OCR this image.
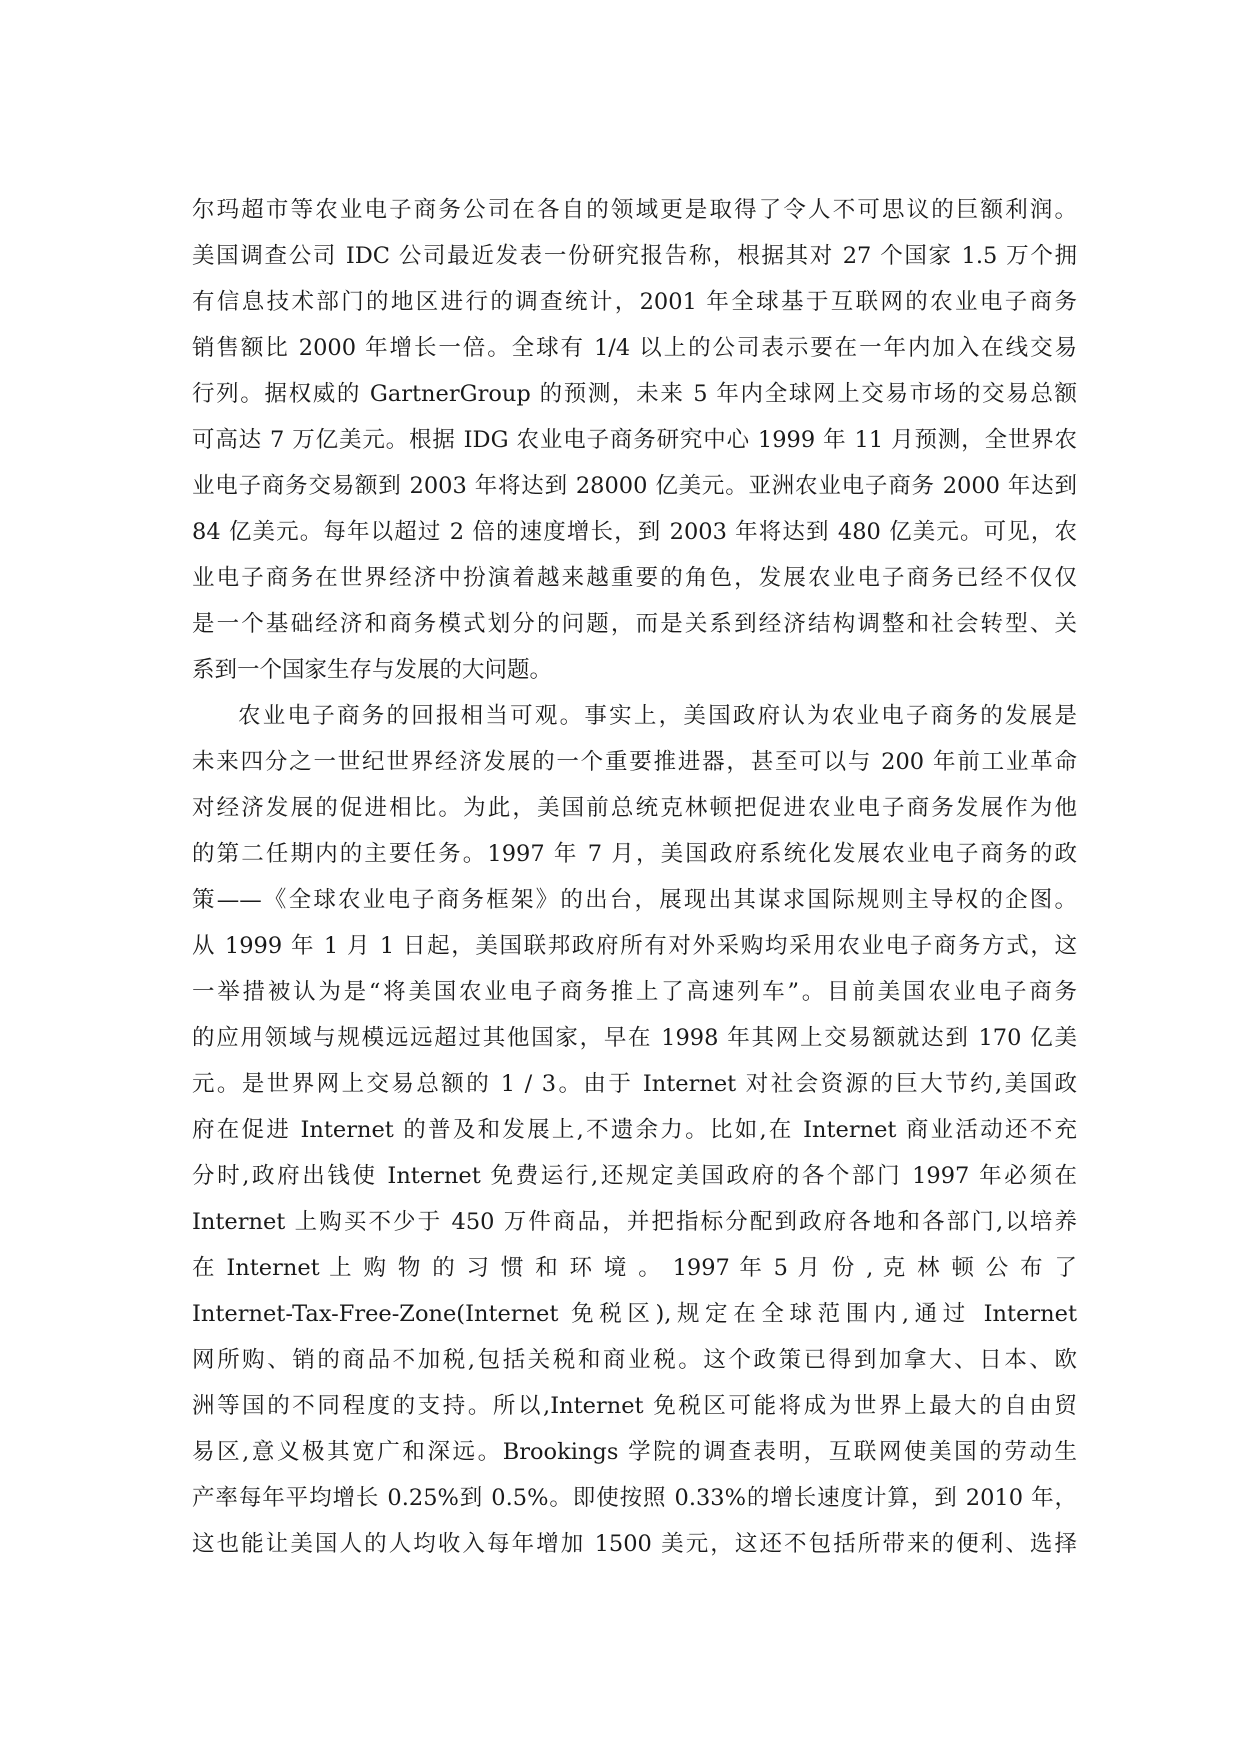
尔玛超市等农业电子商务公司在各自的领域更是取得了令人不可思议的巨额利润。
美国调查公司 IDC 公司最近发表一份研究报告称，根据其对 27 个国家 1.5 万个拥
有信息技术部门的地区进行的调查统计，2001 年全球基于互联网的农业电子商务
销售额比 2000 年增长一倍。全球有 1/4 以上的公司表示要在一年内加入在线交易
行列。据权威的 GartnerGroup 的预测，未来 5 年内全球网上交易市场的交易总额
可高达 7 万亿美元。根据 IDG 农业电子商务研究中心 1999 年 11 月预测，全世界农
业电子商务交易额到 2003 年将达到 28000 亿美元。亚洲农业电子商务 2000 年达到
84 亿美元。每年以超过 2 倍的速度增长，到 2003 年将达到 480 亿美元。可见，农
业电子商务在世界经济中扮演着越来越重要的角色，发展农业电子商务已经不仅仅
是一个基础经济和商务模式划分的问题，而是关系到经济结构调整和社会转型、关
系到一个国家生存与发展的大问题。
农业电子商务的回报相当可观。事实上，美国政府认为农业电子商务的发展是
未来四分之一世纪世界经济发展的一个重要推进器，甚至可以与 200 年前工业革命
对经济发展的促进相比。为此，美国前总统克林顿把促进农业电子商务发展作为他
的第二任期内的主要任务。1997 年 7 月，美国政府系统化发展农业电子商务的政
策——《全球农业电子商务框架》的出台，展现出其谋求国际规则主导权的企图。
从 1999 年 1 月 1 日起，美国联邦政府所有对外采购均采用农业电子商务方式，这
一举措被认为是“将美国农业电子商务推上了高速列车”。目前美国农业电子商务
的应用领域与规模远远超过其他国家，早在 1998 年其网上交易额就达到 170 亿美
元。是世界网上交易总额的 1 / 3。由于 Internet 对社会资源的巨大节约,美国政
府在促进 Internet 的普及和发展上,不遗余力。比如,在 Internet 商业活动还不充
分时,政府出钱使 Internet 免费运行,还规定美国政府的各个部门 1997 年必须在
Internet 上购买不少于 450 万件商品，并把指标分配到政府各地和各部门,以培养
在 Internet 上 购 物 的 习 惯 和 环 境 。 1997 年 5 月 份 , 克 林 顿 公 布 了
Internet-Tax-Free-Zone(Internet 免税区),规定在全球范围内,通过 Internet
网所购、销的商品不加税,包括关税和商业税。这个政策已得到加拿大、日本、欧
洲等国的不同程度的支持。所以,Internet 免税区可能将成为世界上最大的自由贸
易区,意义极其宽广和深远。Brookings 学院的调查表明，互联网使美国的劳动生
产率每年平均增长 0.25%到 0.5%。即使按照 0.33%的增长速度计算，到 2010 年，
这也能让美国人的人均收入每年增加 1500 美元，这还不包括所带来的便利、选择
